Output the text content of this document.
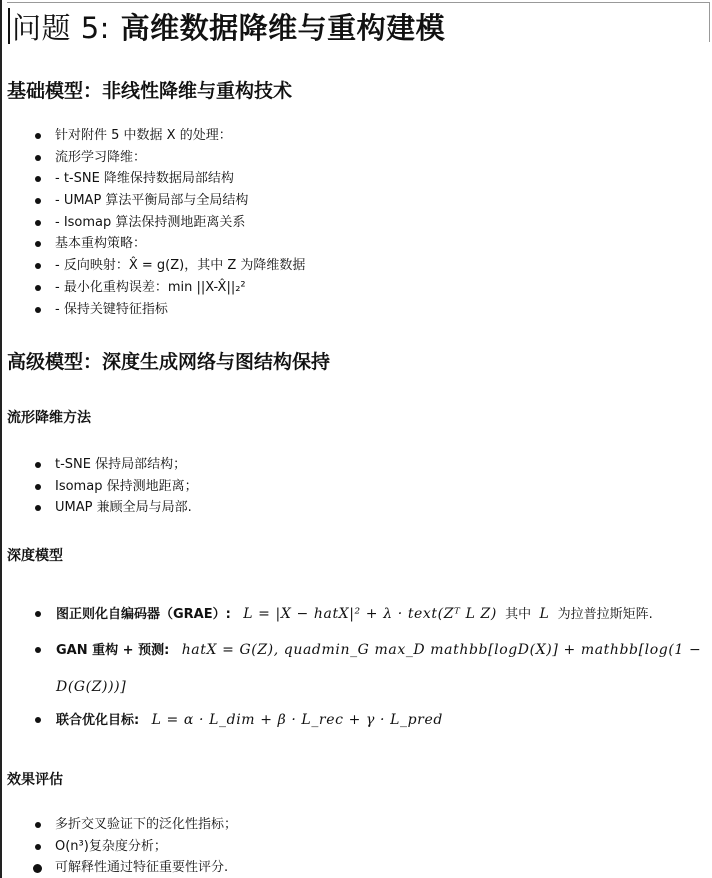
问题 5: 高维数据降维与重构建模
基础模型：非线性降维与重构技术
针对附件 5 中数据 X 的处理：
流形学习降维：
- t-SNE 降维保持数据局部结构
- UMAP 算法平衡局部与全局结构
- Isomap 算法保持测地距离关系
基本重构策略：
- 反向映射：X̂ = g(Z)，其中 Z 为降维数据
- 最小化重构误差：min ||X-X̂||₂²
- 保持关键特征指标
高级模型：深度生成网络与图结构保持
流形降维方法
t-SNE 保持局部结构；
Isomap 保持测地距离；
UMAP 兼顾全局与局部.
深度模型
图正则化自编码器（GRAE）: L = |X − hatX|² + λ · text(Zᵀ L Z) 其中 L 为拉普拉斯矩阵.
GAN 重构 + 预测: hatX = G(Z), quadmin_G max_D mathbb[logD(X)] + mathbb[log(1 −
联合优化目标: L = α · L_dim + β · L_rec + γ · L_pred
D(G(Z)))]
效果评估
多折交叉验证下的泛化性指标；
O(n³)复杂度分析；
可解释性通过特征重要性评分.
